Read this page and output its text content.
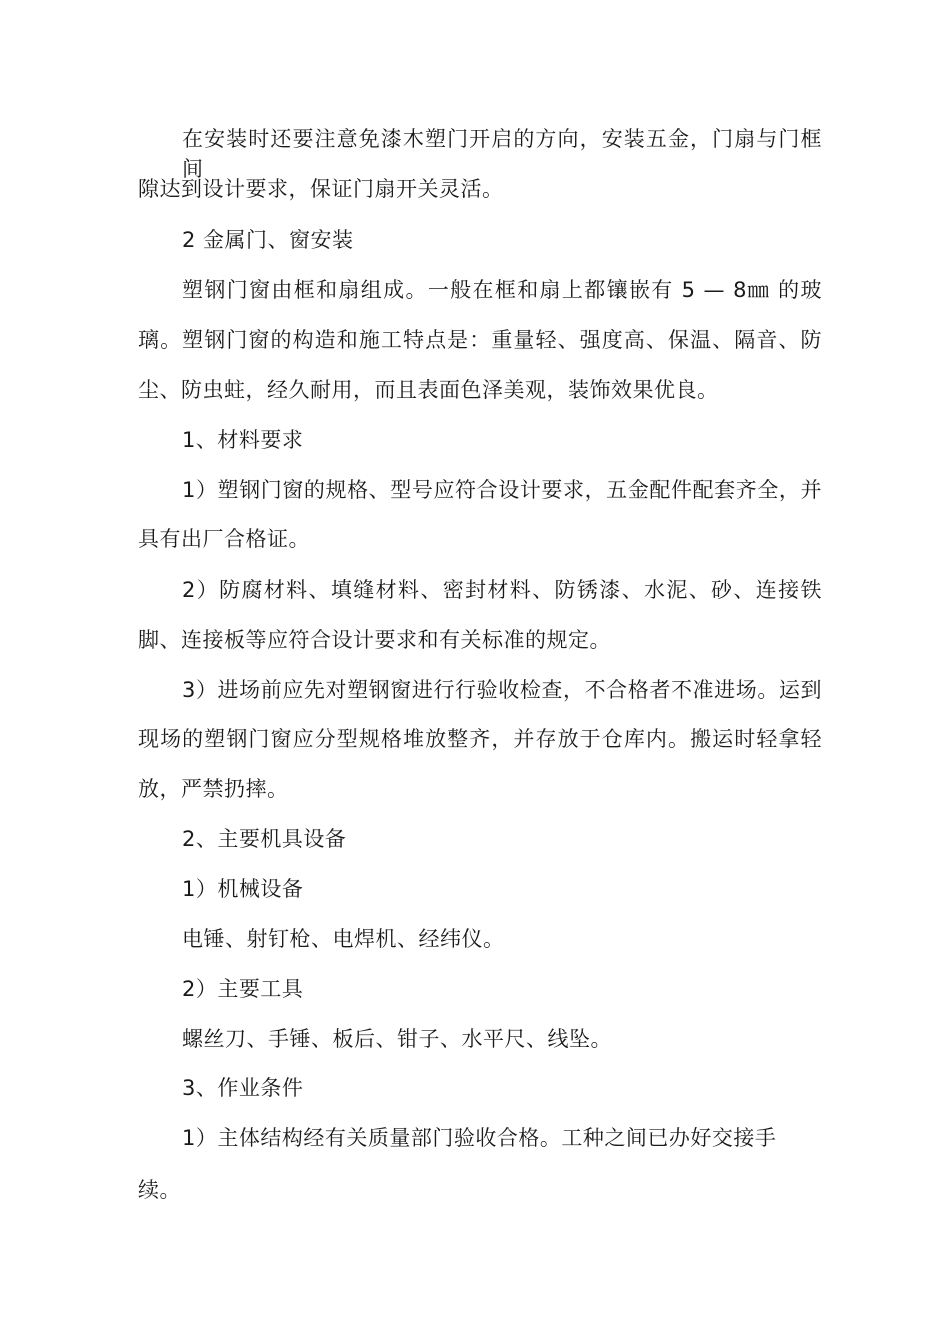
在安装时还要注意免漆木塑门开启的方向，安装五金，门扇与门框间
隙达到设计要求，保证门扇开关灵活。
2 金属门、窗安装
塑钢门窗由框和扇组成。一般在框和扇上都镶嵌有 5 — 8㎜ 的玻
璃。塑钢门窗的构造和施工特点是：重量轻、强度高、保温、隔音、防
尘、防虫蛀，经久耐用，而且表面色泽美观，装饰效果优良。
1、材料要求
1）塑钢门窗的规格、型号应符合设计要求，五金配件配套齐全，并
具有出厂合格证。
2）防腐材料、填缝材料、密封材料、防锈漆、水泥、砂、连接铁
脚、连接板等应符合设计要求和有关标准的规定。
3）进场前应先对塑钢窗进行行验收检查，不合格者不准进场。运到
现场的塑钢门窗应分型规格堆放整齐，并存放于仓库内。搬运时轻拿轻
放，严禁扔摔。
2、主要机具设备
1）机械设备
电锤、射钉枪、电焊机、经纬仪。
2）主要工具
螺丝刀、手锤、板后、钳子、水平尺、线坠。
3、作业条件
1）主体结构经有关质量部门验收合格。工种之间已办好交接手
续。
